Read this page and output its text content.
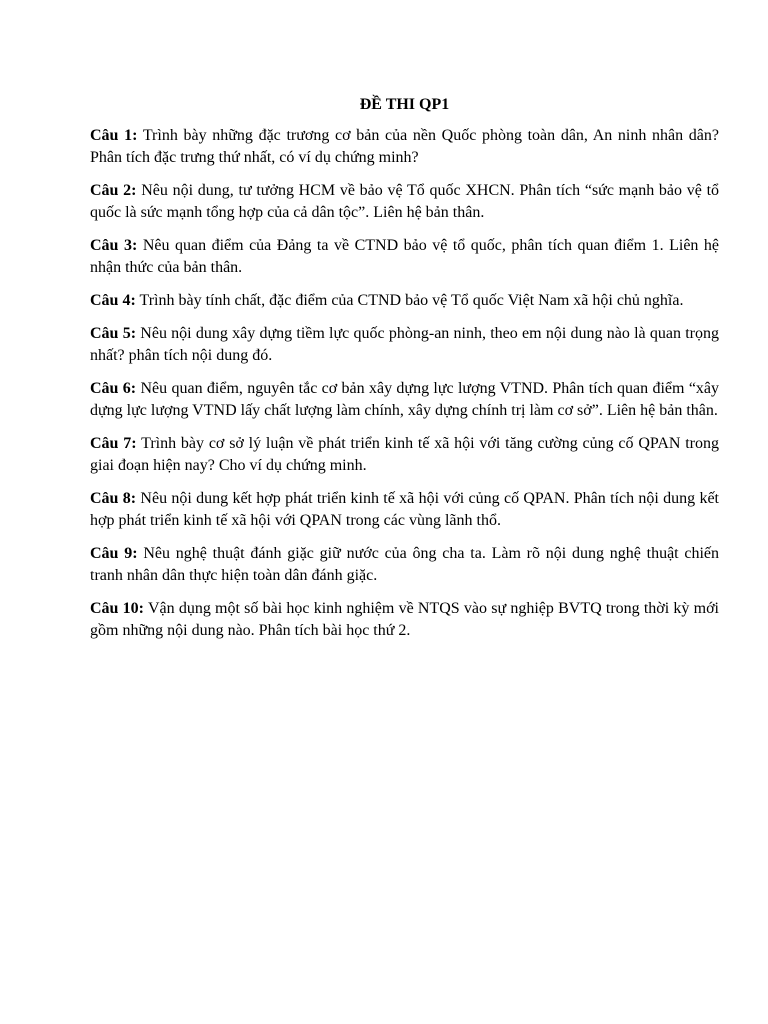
ĐỀ THI QP1

Câu 1: Trình bày những đặc trương cơ bản của nền Quốc phòng toàn dân, An ninh nhân dân? Phân tích đặc trưng thứ nhất, có ví dụ chứng minh?

Câu 2: Nêu nội dung, tư tưởng HCM về bảo vệ Tổ quốc XHCN. Phân tích “sức mạnh bảo vệ tổ quốc là sức mạnh tổng hợp của cả dân tộc”. Liên hệ bản thân.

Câu 3: Nêu quan điểm của Đảng ta về CTND bảo vệ tổ quốc, phân tích quan điểm 1. Liên hệ nhận thức của bản thân.

Câu 4: Trình bày tính chất, đặc điểm của CTND bảo vệ Tổ quốc Việt Nam xã hội chủ nghĩa.

Câu 5: Nêu nội dung xây dựng tiềm lực quốc phòng-an ninh, theo em nội dung nào là quan trọng nhất? phân tích nội dung đó.

Câu 6: Nêu quan điểm, nguyên tắc cơ bản xây dựng lực lượng VTND. Phân tích quan điểm “xây dựng lực lượng VTND lấy chất lượng làm chính, xây dựng chính trị làm cơ sở”. Liên hệ bản thân.

Câu 7: Trình bày cơ sở lý luận về phát triển kinh tế xã hội với tăng cường củng cố QPAN trong giai đoạn hiện nay? Cho ví dụ chứng minh.

Câu 8: Nêu nội dung kết hợp phát triển kinh tế xã hội với củng cố QPAN. Phân tích nội dung kết hợp phát triển kinh tế xã hội với QPAN trong các vùng lãnh thổ.

Câu 9: Nêu nghệ thuật đánh giặc giữ nước của ông cha ta. Làm rõ nội dung nghệ thuật chiến tranh nhân dân thực hiện toàn dân đánh giặc.

Câu 10: Vận dụng một số bài học kinh nghiệm về NTQS vào sự nghiệp BVTQ trong thời kỳ mới gồm những nội dung nào. Phân tích bài học thứ 2.
